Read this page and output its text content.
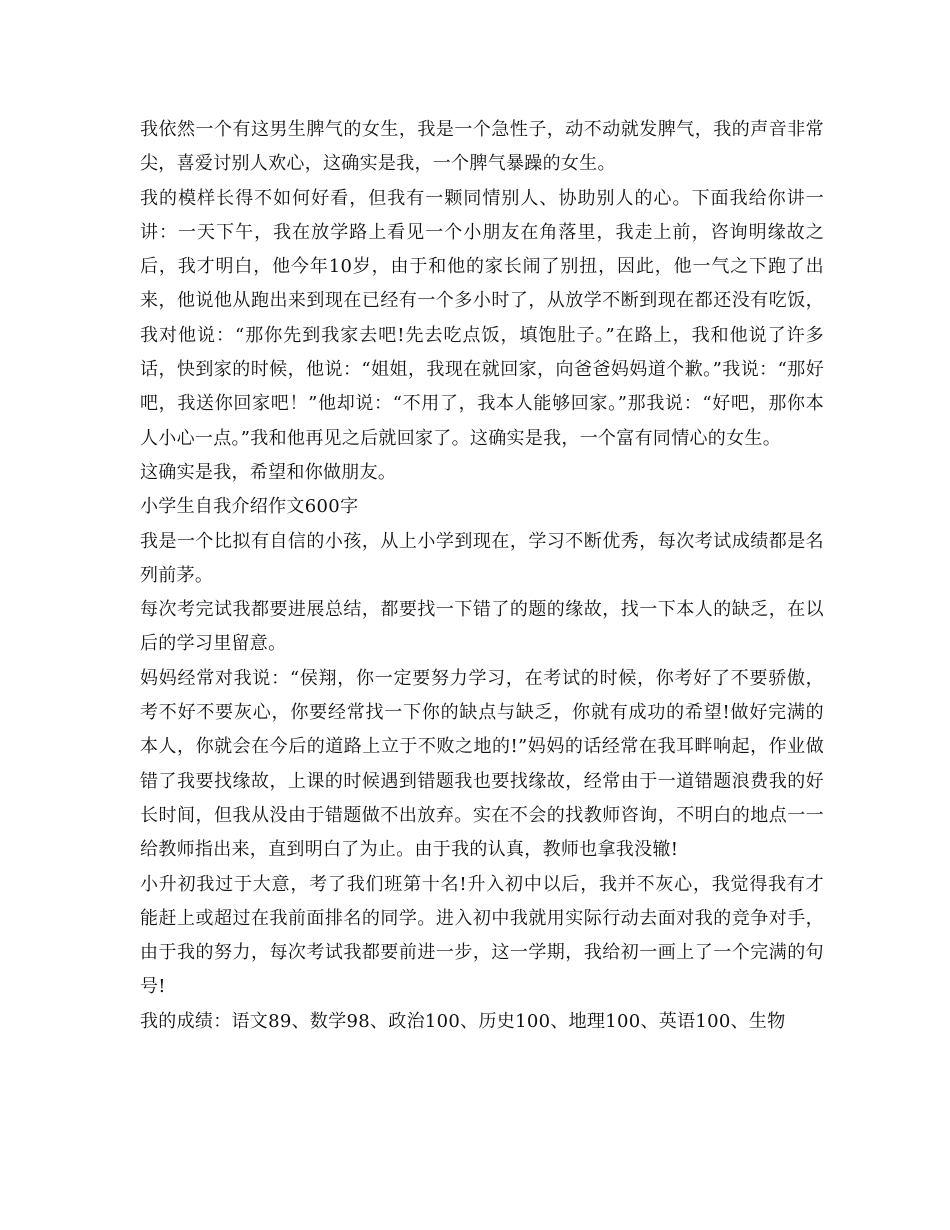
我依然一个有这男生脾气的女生，我是一个急性子，动不动就发脾气，我的声音非常尖，喜爱讨别人欢心，这确实是我，一个脾气暴躁的女生。

我的模样长得不如何好看，但我有一颗同情别人、协助别人的心。下面我给你讲一讲：一天下午，我在放学路上看见一个小朋友在角落里，我走上前，咨询明缘故之后，我才明白，他今年10岁，由于和他的家长闹了别扭，因此，他一气之下跑了出来，他说他从跑出来到现在已经有一个多小时了，从放学不断到现在都还没有吃饭，我对他说：“那你先到我家去吧!先去吃点饭，填饱肚子。”在路上，我和他说了许多话，快到家的时候，他说：“姐姐，我现在就回家，向爸爸妈妈道个歉。”我说：“那好吧，我送你回家吧！”他却说：“不用了，我本人能够回家。”那我说：“好吧，那你本人小心一点。”我和他再见之后就回家了。这确实是我，一个富有同情心的女生。

这确实是我，希望和你做朋友。

小学生自我介绍作文600字

我是一个比拟有自信的小孩，从上小学到现在，学习不断优秀，每次考试成绩都是名列前茅。

每次考完试我都要进展总结，都要找一下错了的题的缘故，找一下本人的缺乏，在以后的学习里留意。

妈妈经常对我说：“侯翔，你一定要努力学习，在考试的时候，你考好了不要骄傲，考不好不要灰心，你要经常找一下你的缺点与缺乏，你就有成功的希望!做好完满的本人，你就会在今后的道路上立于不败之地的!”妈妈的话经常在我耳畔响起，作业做错了我要找缘故，上课的时候遇到错题我也要找缘故，经常由于一道错题浪费我的好长时间，但我从没由于错题做不出放弃。实在不会的找教师咨询，不明白的地点一一给教师指出来，直到明白了为止。由于我的认真，教师也拿我没辙!

小升初我过于大意，考了我们班第十名!升入初中以后，我并不灰心，我觉得我有才能赶上或超过在我前面排名的同学。进入初中我就用实际行动去面对我的竞争对手，由于我的努力，每次考试我都要前进一步，这一学期，我给初一画上了一个完满的句号!

我的成绩：语文89、数学98、政治100、历史100、地理100、英语100、生物
